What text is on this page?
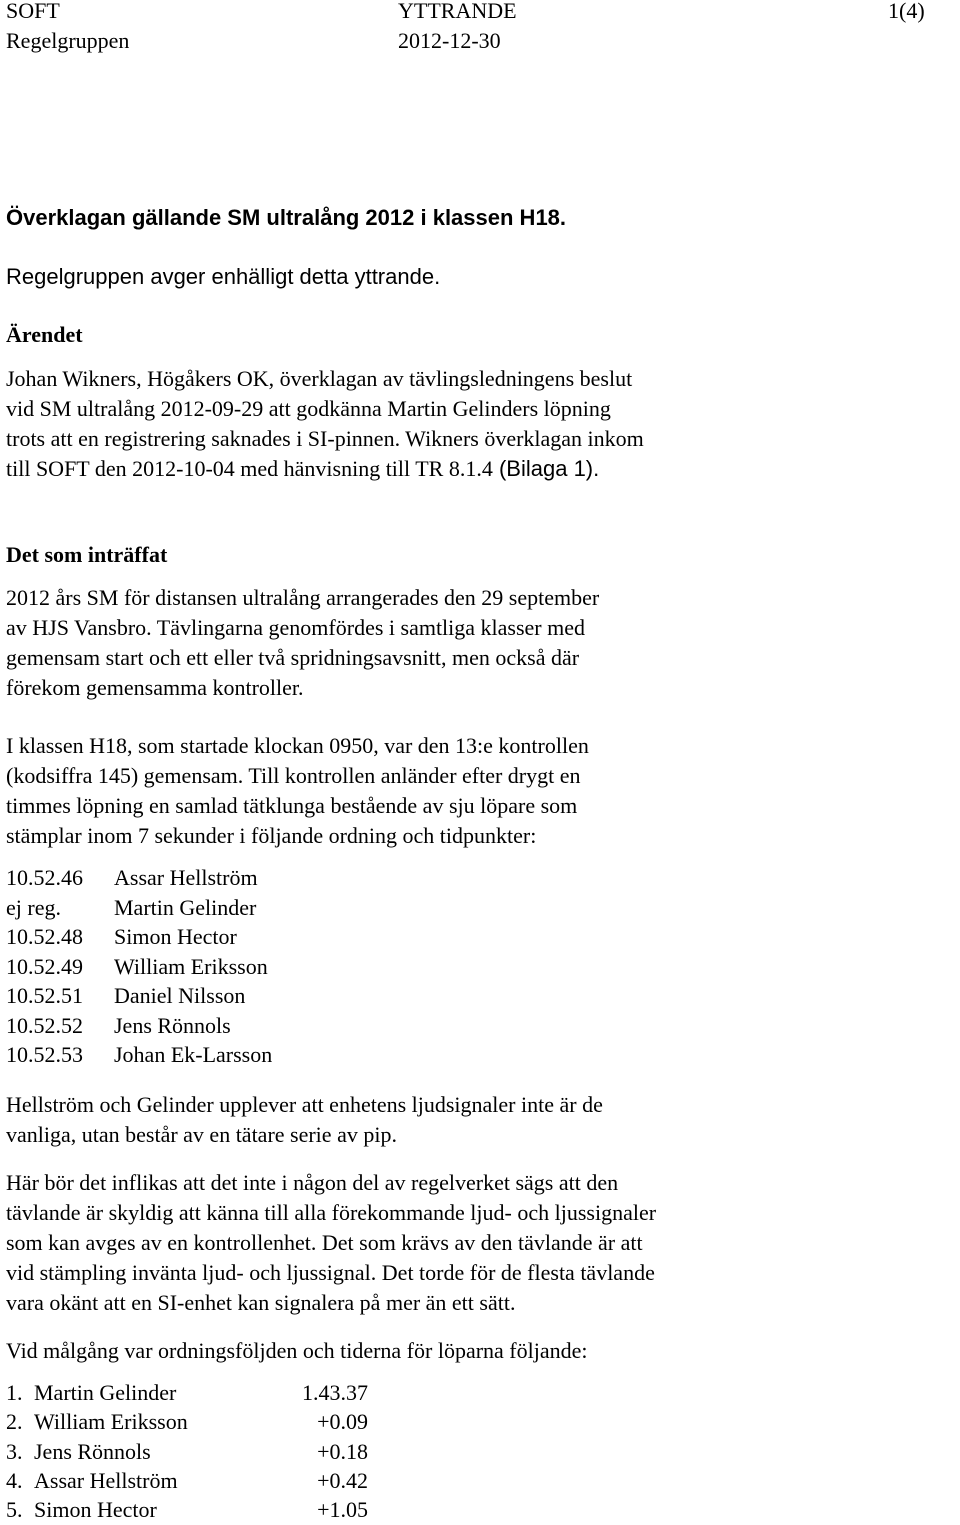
SOFT	YTTRANDE	1(4)
Regelgruppen	2012-12-30
Överklagan gällande SM ultralång 2012 i klassen H18.
Regelgruppen avger enhälligt detta yttrande.
Ärendet
Johan Wikners, Högåkers OK, överklagan av tävlingsledningens beslut
vid SM ultralång 2012-09-29 att godkänna Martin Gelinders löpning
trots att en registrering saknades i SI-pinnen. Wikners överklagan inkom
till SOFT den 2012-10-04 med hänvisning till TR 8.1.4 (Bilaga 1).
Det som inträffat
2012 års SM för distansen ultralång arrangerades den 29 september
av HJS Vansbro. Tävlingarna genomfördes i samtliga klasser med
gemensam start och ett eller två spridningsavsnitt, men också där
förekom gemensamma kontroller.
I klassen H18, som startade klockan 0950, var den 13:e kontrollen
(kodsiffra 145) gemensam. Till kontrollen anländer efter drygt en
timmes löpning en samlad tätklunga bestående av sju löpare som
stämplar inom 7 sekunder i följande ordning och tidpunkter:
10.52.46 Assar Hellström
ej reg. Martin Gelinder
10.52.48 Simon Hector
10.52.49 William Eriksson
10.52.51 Daniel Nilsson
10.52.52 Jens Rönnols
10.52.53 Johan Ek-Larsson
Hellström och Gelinder upplever att enhetens ljudsignaler inte är de
vanliga, utan består av en tätare serie av pip.
Här bör det inflikas att det inte i någon del av regelverket sägs att den
tävlande är skyldig att känna till alla förekommande ljud- och ljussignaler
som kan avges av en kontrollenhet. Det som krävs av den tävlande är att
vid stämpling invänta ljud- och ljussignal. Det torde för de flesta tävlande
vara okänt att en SI-enhet kan signalera på mer än ett sätt.
Vid målgång var ordningsföljden och tiderna för löparna följande:
1. Martin Gelinder	1.43.37
2. William Eriksson	+0.09
3. Jens Rönnols	+0.18
4. Assar Hellström	+0.42
5. Simon Hector	+1.05
